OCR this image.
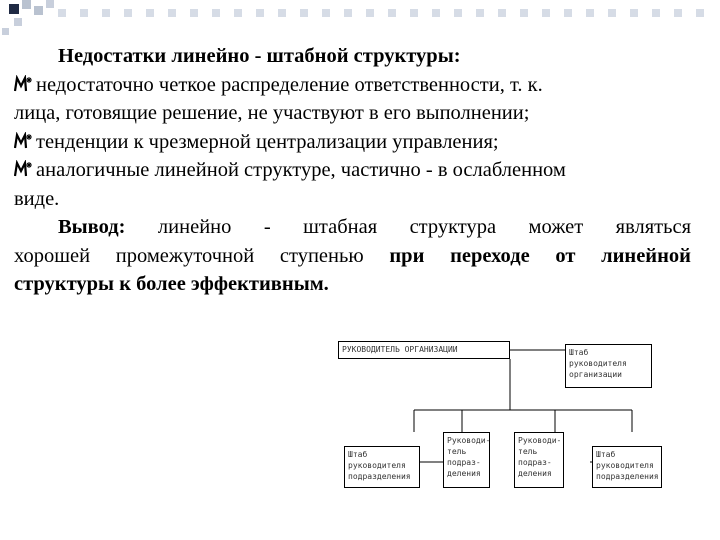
Недостатки линейно - штабной структуры:
недостаточно четкое распределение ответственности, т. к.
лица, готовящие решение, не участвуют в его выполнении;
тенденции к чрезмерной централизации управления;
аналогичные линейной структуре, частично - в ослабленном
виде.
Вывод: линейно - штабная структура может являться
хорошей промежуточной ступенью при переходе от линейной
структуры к более эффективным.
РУКОВОДИТЕЛЬ ОРГАНИЗАЦИИ	Штаб
руководителя
организации
Штаб
руководителя
подразделения
Руководи-
тель
подраз-
деления
Руководи-
тель
подраз-
деления
Штаб
руководителя
подразделения
